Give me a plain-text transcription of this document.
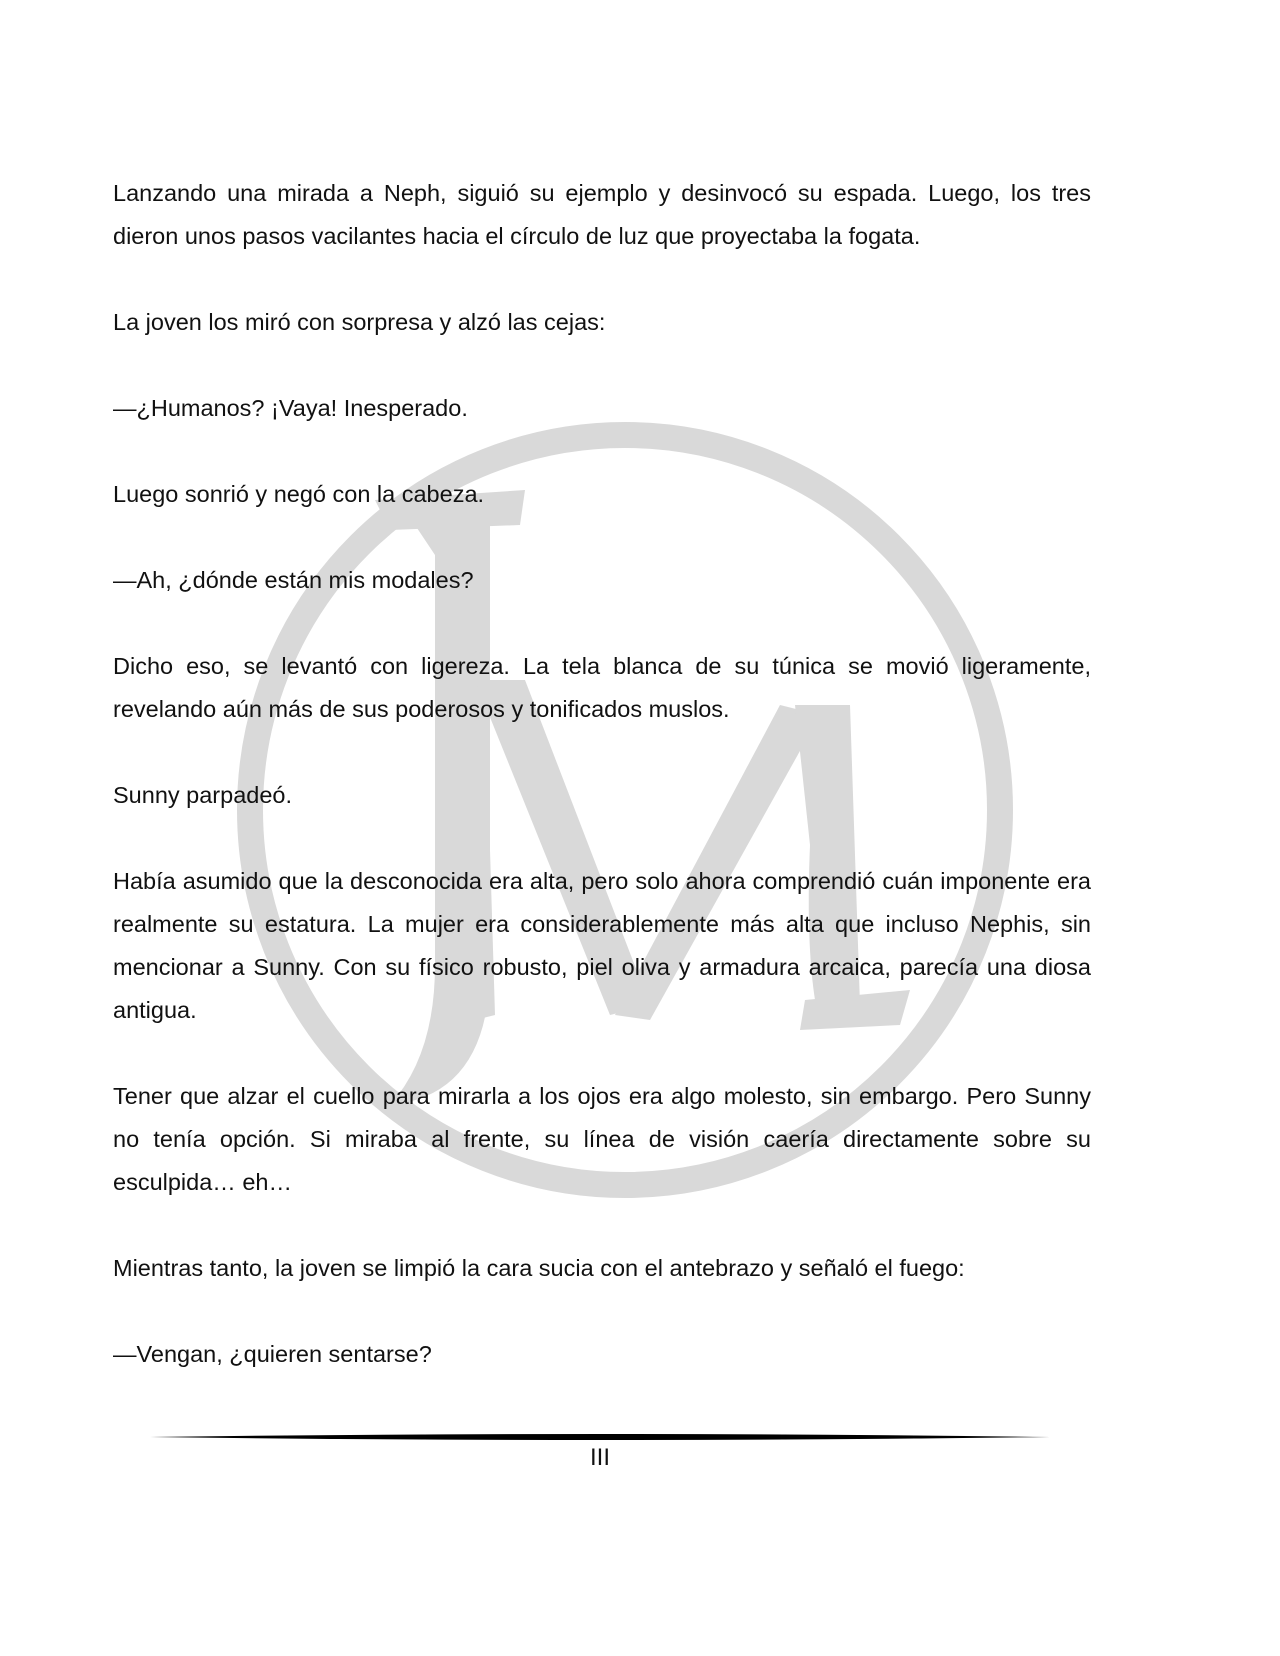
Lanzando una mirada a Neph, siguió su ejemplo y desinvocó su espada. Luego, los tres dieron unos pasos vacilantes hacia el círculo de luz que proyectaba la fogata.

La joven los miró con sorpresa y alzó las cejas:

—¿Humanos? ¡Vaya! Inesperado.

Luego sonrió y negó con la cabeza.

—Ah, ¿dónde están mis modales?

Dicho eso, se levantó con ligereza. La tela blanca de su túnica se movió ligeramente, revelando aún más de sus poderosos y tonificados muslos.

Sunny parpadeó.

Había asumido que la desconocida era alta, pero solo ahora comprendió cuán imponente era realmente su estatura. La mujer era considerablemente más alta que incluso Nephis, sin mencionar a Sunny. Con su físico robusto, piel oliva y armadura arcaica, parecía una diosa antigua.

Tener que alzar el cuello para mirarla a los ojos era algo molesto, sin embargo. Pero Sunny no tenía opción. Si miraba al frente, su línea de visión caería directamente sobre su esculpida… eh…

Mientras tanto, la joven se limpió la cara sucia con el antebrazo y señaló el fuego:

—Vengan, ¿quieren sentarse?

III
